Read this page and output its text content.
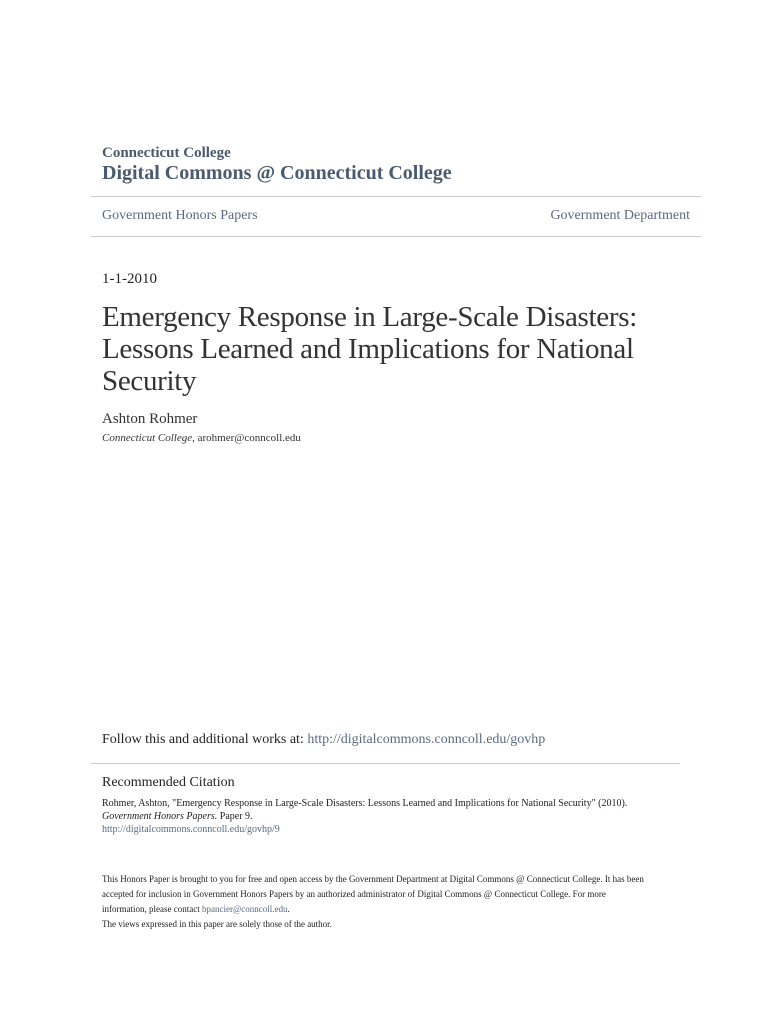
Connecticut College
Digital Commons @ Connecticut College
Government Honors Papers	Government Department
1-1-2010
Emergency Response in Large-Scale Disasters:
Lessons Learned and Implications for National
Security
Ashton Rohmer
Connecticut College, arohmer@conncoll.edu
Follow this and additional works at: http://digitalcommons.conncoll.edu/govhp
Recommended Citation
Rohmer, Ashton, "Emergency Response in Large-Scale Disasters: Lessons Learned and Implications for National Security" (2010).
Government Honors Papers. Paper 9.
http://digitalcommons.conncoll.edu/govhp/9
This Honors Paper is brought to you for free and open access by the Government Department at Digital Commons @ Connecticut College. It has been
accepted for inclusion in Government Honors Papers by an authorized administrator of Digital Commons @ Connecticut College. For more
information, please contact bpancier@conncoll.edu.
The views expressed in this paper are solely those of the author.
